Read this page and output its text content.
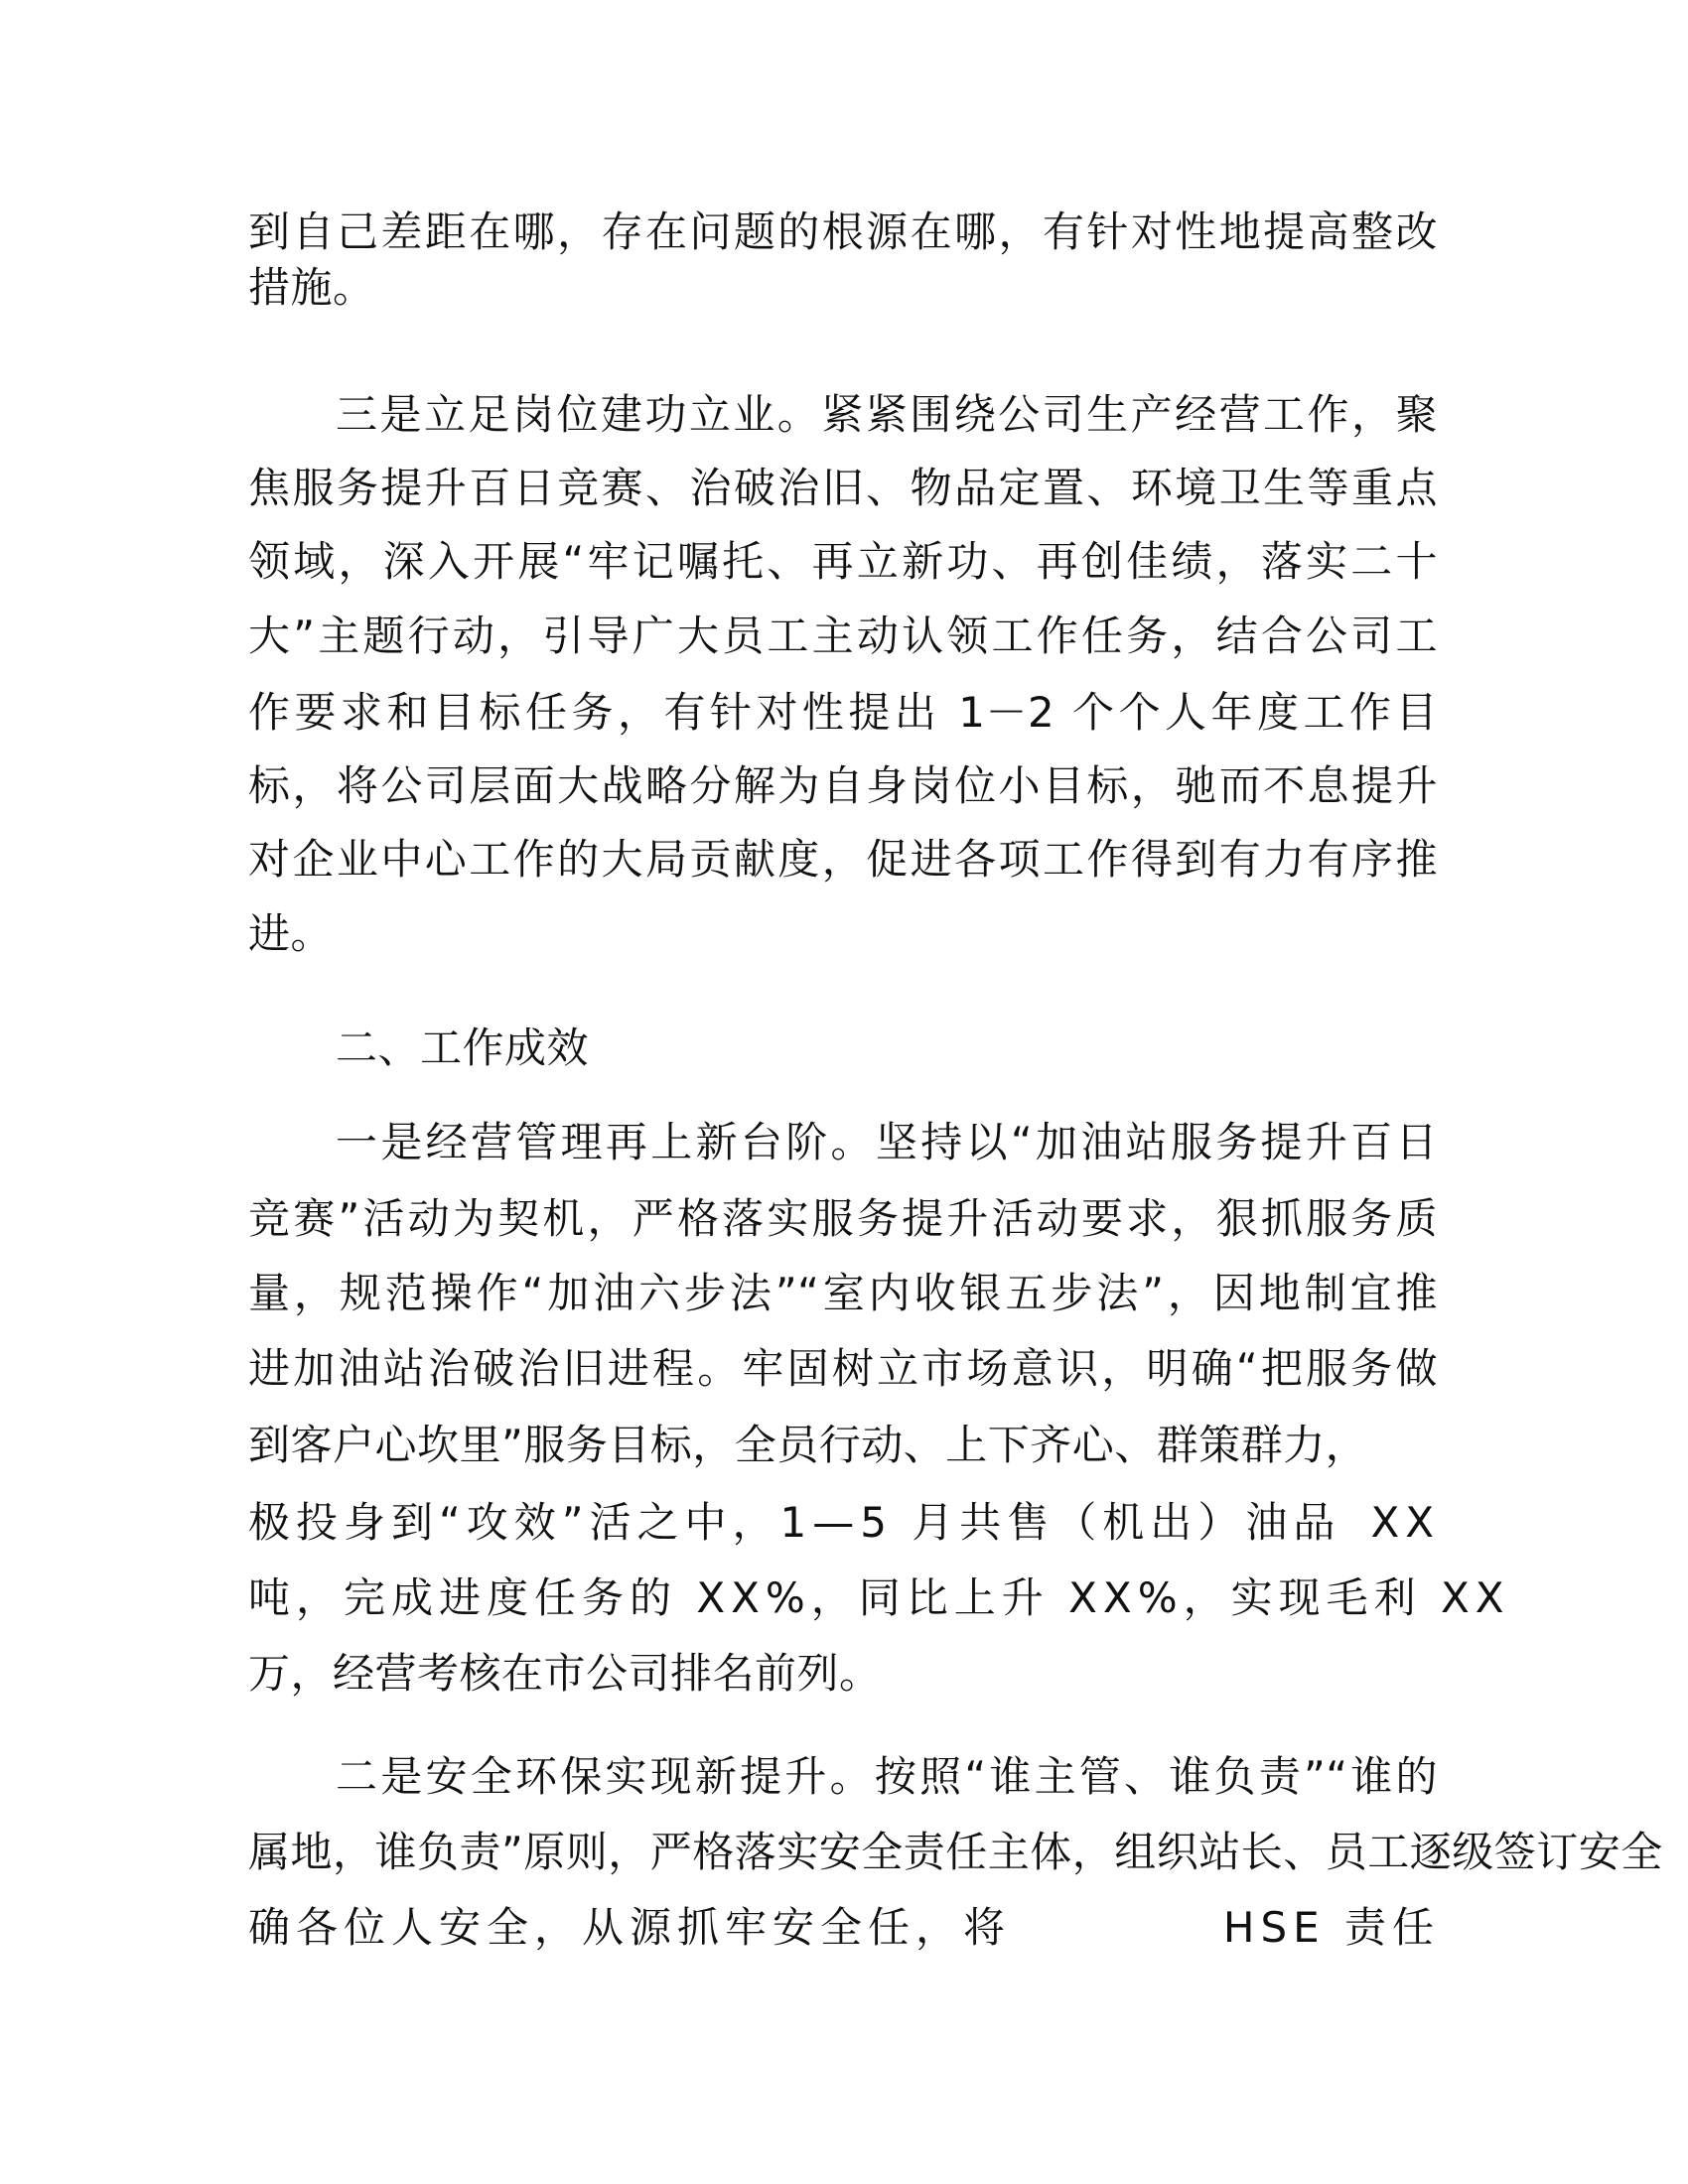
到自己差距在哪，存在问题的根源在哪，有针对性地提高整改
措施。
三是立足岗位建功立业。紧紧围绕公司生产经营工作，聚
焦服务提升百日竞赛、治破治旧、物品定置、环境卫生等重点
领域，深入开展“牢记嘱托、再立新功、再创佳绩，落实二十
大”主题行动，引导广大员工主动认领工作任务，结合公司工
作要求和目标任务，有针对性提出 1－2 个个人年度工作目
标，将公司层面大战略分解为自身岗位小目标，驰而不息提升
对企业中心工作的大局贡献度，促进各项工作得到有力有序推
进。
二、工作成效
一是经营管理再上新台阶。坚持以“加油站服务提升百日
竞赛”活动为契机，严格落实服务提升活动要求，狠抓服务质
量，规范操作“加油六步法”“室内收银五步法”，因地制宜推
进加油站治破治旧进程。牢固树立市场意识，明确“把服务做
到客户心坎里”服务目标，全员行动、上下齐心、群策群力，
极投身到“攻效”活之中，1—5 月共售（机出）油品 XX
吨，完成进度任务的 XX%，同比上升 XX%，实现毛利 XX
万，经营考核在市公司排名前列。
二是安全环保实现新提升。按照“谁主管、谁负责”“谁的
属地，谁负责”原则，严格落实安全责任主体，组织站长、员工逐级签订安全
确各位人安全，从源抓牢安全任，将	HSE 责任
